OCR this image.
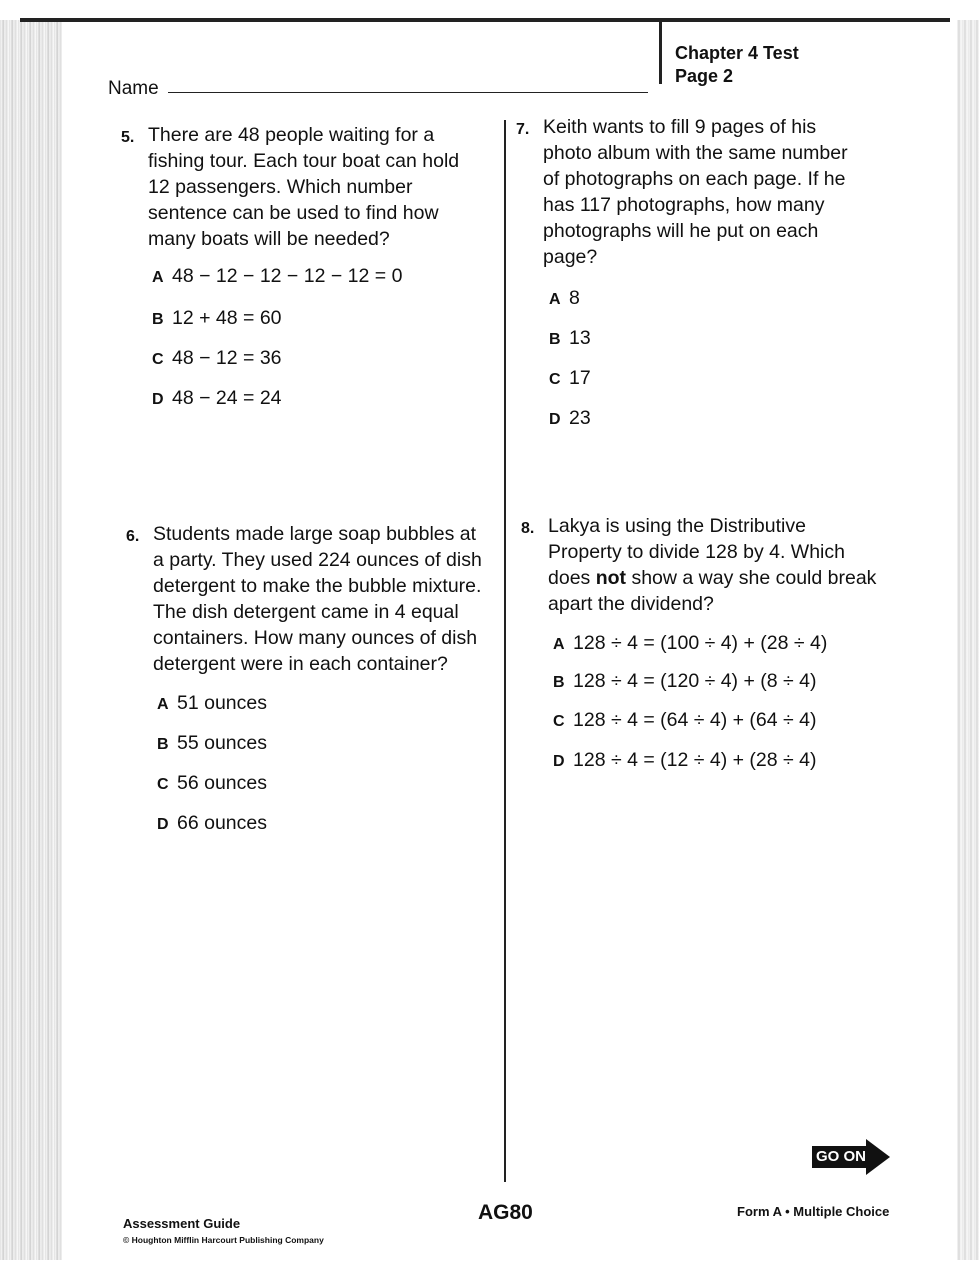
Name
Chapter 4 Test
Page 2
5. There are 48 people waiting for a fishing tour. Each tour boat can hold 12 passengers. Which number sentence can be used to find how many boats will be needed?

A 48 − 12 − 12 − 12 − 12 = 0
B 12 + 48 = 60
C 48 − 12 = 36
D 48 − 24 = 24
6. Students made large soap bubbles at a party. They used 224 ounces of dish detergent to make the bubble mixture. The dish detergent came in 4 equal containers. How many ounces of dish detergent were in each container?

A 51 ounces
B 55 ounces
C 56 ounces
D 66 ounces
7. Keith wants to fill 9 pages of his photo album with the same number of photographs on each page. If he has 117 photographs, how many photographs will he put on each page?

A 8
B 13
C 17
D 23
8. Lakya is using the Distributive Property to divide 128 by 4. Which does not show a way she could break apart the dividend?

A 128 ÷ 4 = (100 ÷ 4) + (28 ÷ 4)
B 128 ÷ 4 = (120 ÷ 4) + (8 ÷ 4)
C 128 ÷ 4 = (64 ÷ 4) + (64 ÷ 4)
D 128 ÷ 4 = (12 ÷ 4) + (28 ÷ 4)
GO ON
Assessment Guide
© Houghton Mifflin Harcourt Publishing Company
AG80	Form A • Multiple Choice
